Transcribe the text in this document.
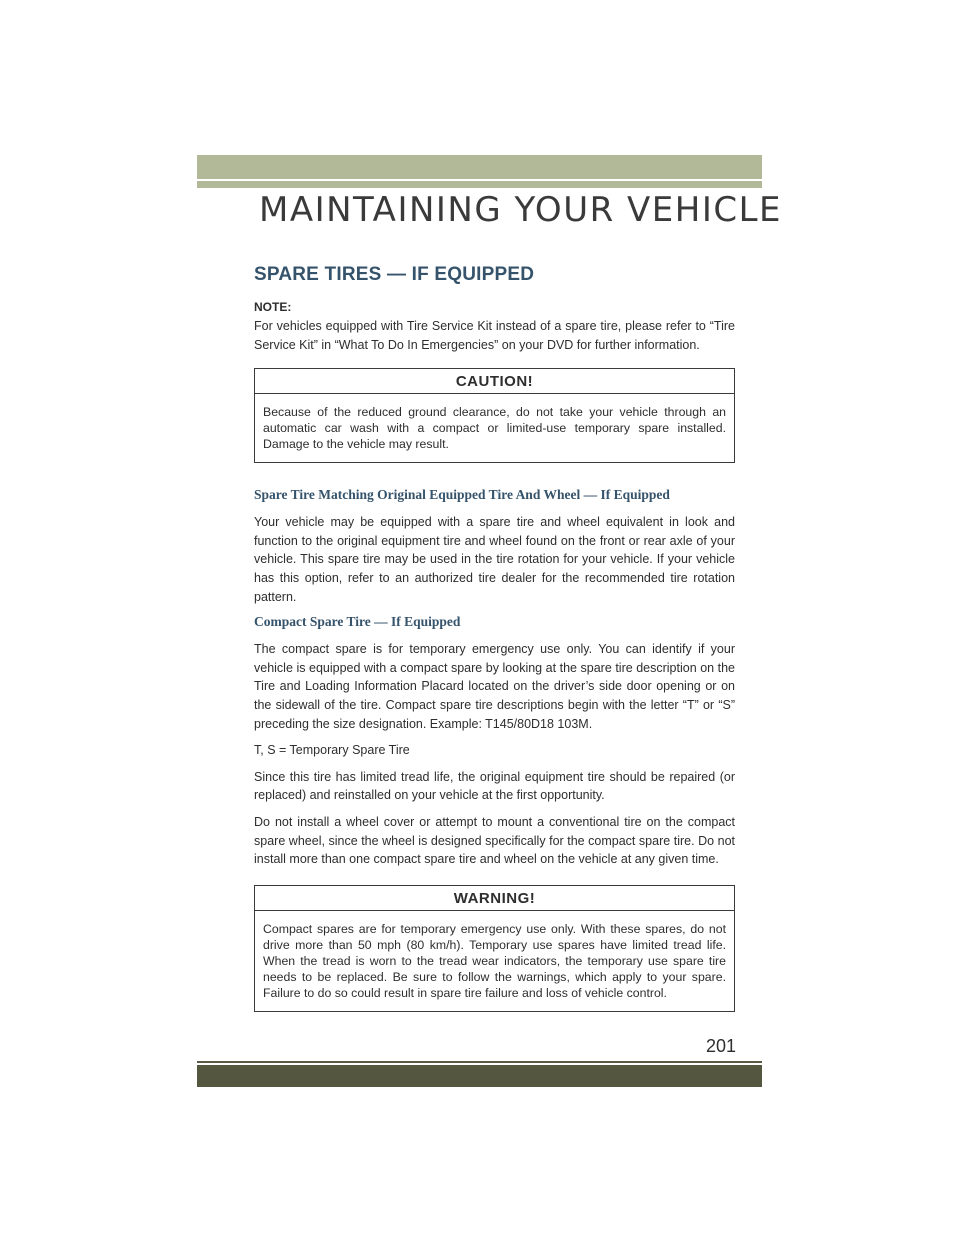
MAINTAINING YOUR VEHICLE
SPARE TIRES — IF EQUIPPED
NOTE:

For vehicles equipped with Tire Service Kit instead of a spare tire, please refer to “Tire Service Kit” in “What To Do In Emergencies” on your DVD for further information.

CAUTION!
Because of the reduced ground clearance, do not take your vehicle through an automatic car wash with a compact or limited-use temporary spare installed. Damage to the vehicle may result.
Spare Tire Matching Original Equipped Tire And Wheel — If Equipped

Your vehicle may be equipped with a spare tire and wheel equivalent in look and function to the original equipment tire and wheel found on the front or rear axle of your vehicle. This spare tire may be used in the tire rotation for your vehicle. If your vehicle has this option, refer to an authorized tire dealer for the recommended tire rotation pattern.

Compact Spare Tire — If Equipped

The compact spare is for temporary emergency use only. You can identify if your vehicle is equipped with a compact spare by looking at the spare tire description on the Tire and Loading Information Placard located on the driver’s side door opening or on the sidewall of the tire. Compact spare tire descriptions begin with the letter “T” or “S” preceding the size designation. Example: T145/80D18 103M.

T, S = Temporary Spare Tire

Since this tire has limited tread life, the original equipment tire should be repaired (or replaced) and reinstalled on your vehicle at the first opportunity.

Do not install a wheel cover or attempt to mount a conventional tire on the compact spare wheel, since the wheel is designed specifically for the compact spare tire. Do not install more than one compact spare tire and wheel on the vehicle at any given time.

WARNING!
Compact spares are for temporary emergency use only. With these spares, do not drive more than 50 mph (80 km/h). Temporary use spares have limited tread life. When the tread is worn to the tread wear indicators, the temporary use spare tire needs to be replaced. Be sure to follow the warnings, which apply to your spare. Failure to do so could result in spare tire failure and loss of vehicle control.
201
